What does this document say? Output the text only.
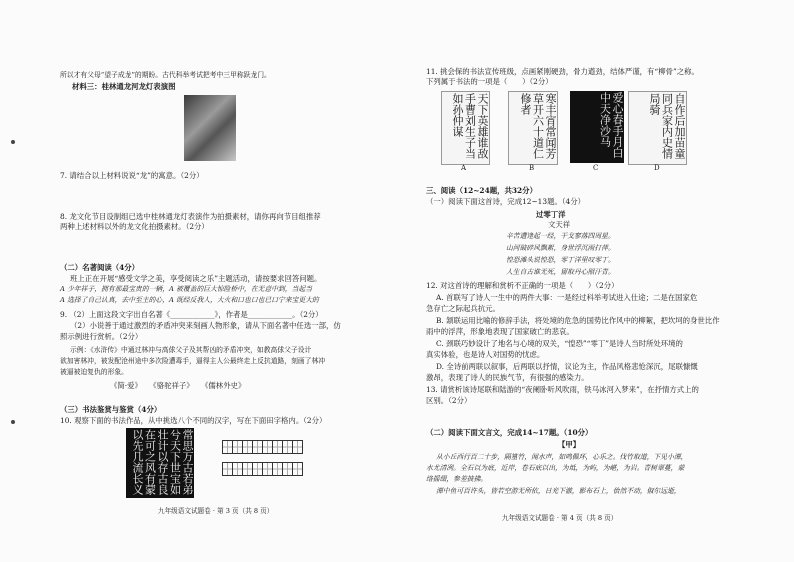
所以才有父母“望子成龙”的期盼。古代科举考试把考中三甲称跃龙门。
材料三：桂林通龙河龙灯表演图
7. 请结合以上材料说说“龙”的寓意。（2分）
8. 龙文化节目设制组已选中桂林通龙灯表演作为拍摄素材，请你再向节目组推荐
两种上述材料以外的龙文化拍摄素材。（2分）
（二）名著阅读（4分）
班上正在开展“感受文学之美，享受阅读之乐”主题活动，请按要求回答问题。
A 少年祥子，拥有那最宝贵的一辆，A 被覆盖的巨大惊险桥中，在无意中到，当起当
A 选择了自己认真，去中至主的心，A 既经反我人，大火和口也口也已口宁来宝更大的
9. （2）上面这段文字出自名著《____________》，作者是____________。（2分）
（2）小说善于通过激烈的矛盾冲突来刻画人物形象，请从下面名著中任选一部，仿
照示例进行赏析。（2分）
示例：《水浒传》中通过林冲与高俅父子及其帮凶的矛盾冲突，如教高俅父子设计
欲加害林冲，被发配沧州途中多次险遭毒手，逼得主人公最终走上反抗道路，刻画了林冲
被逼被迫复仇的形象。
《简·爱》　　《骆驼祥子》　　《儒林外史》
（三）书法鉴赏与鉴赏（4分）
10. 观察下面的书法作品，从中挑选八个不同的汉字，写在下面田字格内。（2分）
常思万古若弟兮天下世宝如壮计以存古良在可之风有蒙以先几流长义
九年级语文试题卷 · 第 3 页（共 8 页）
11. 挑会保的书法宣传班级，点画紧刚硬劲，骨力遒劲，结体严谨，有“柳骨”之称。
下列属于书法的一项是（　　）（2分）
天下英雄谁敌手曹刘生子当如孙仲谋	寒丰宵常闻芳草开六十道仁修者	爱心春手月白中天净沙马	自作后加苗童同兵家内史情局骑
A	B	C	D
三、阅读（12~24题，共32分）
（一）阅读下面这首诗，完成12~13题。（4分）
过零丁洋
文天祥
辛苦遭逢起一经，干戈寥落四周星。
山河破碎风飘絮，身世浮沉雨打萍。
惶恐滩头说惶恐，零丁洋里叹零丁。
人生自古谁无死，留取丹心照汗青。
12. 对这首诗的理解和赏析不正确的一项是（　　）（2分）
A. 首联写了诗人一生中的两件大事：一是经过科举考试进入仕途；二是在国家危
急存亡之际起兵抗元。
B. 颔联运用比喻的修辞手法，将处境的危急的国势比作风中的柳絮，把坎坷的身世比作
雨中的浮萍，形象地表现了国家破亡的悲哀。
C. 颈联巧妙设计了地名与心境的双关，“惶恐”“零丁”是诗人当时所处环境的
真实体验，也是诗人对国势的忧虑。
D. 全诗前两联以叙事，后两联以抒情，议论为主，作品风格悲怆深沉，尾联慷慨
激昂，表现了诗人的民族气节，有很强的感染力。
13. 请赏析该诗尾联和陆游的“夜阑卧听风吹雨，铁马冰河入梦来”，在抒情方式上的
区别。（2分）
（二）阅读下面文言文，完成14~17题。（10分）
【甲】
从小丘西行百二十步，隔篁竹，闻水声，如鸣佩环，心乐之。伐竹取道，下见小潭，
水尤清冽。全石以为底，近岸，卷石底以出，为坻，为屿，为嵁，为岩。青树翠蔓，蒙
络摇缀，参差披拂。
潭中鱼可百许头，皆若空游无所依，日光下澈，影布石上，佁然不动，俶尔远逝，
九年级语文试题卷 · 第 4 页（共 8 页）
